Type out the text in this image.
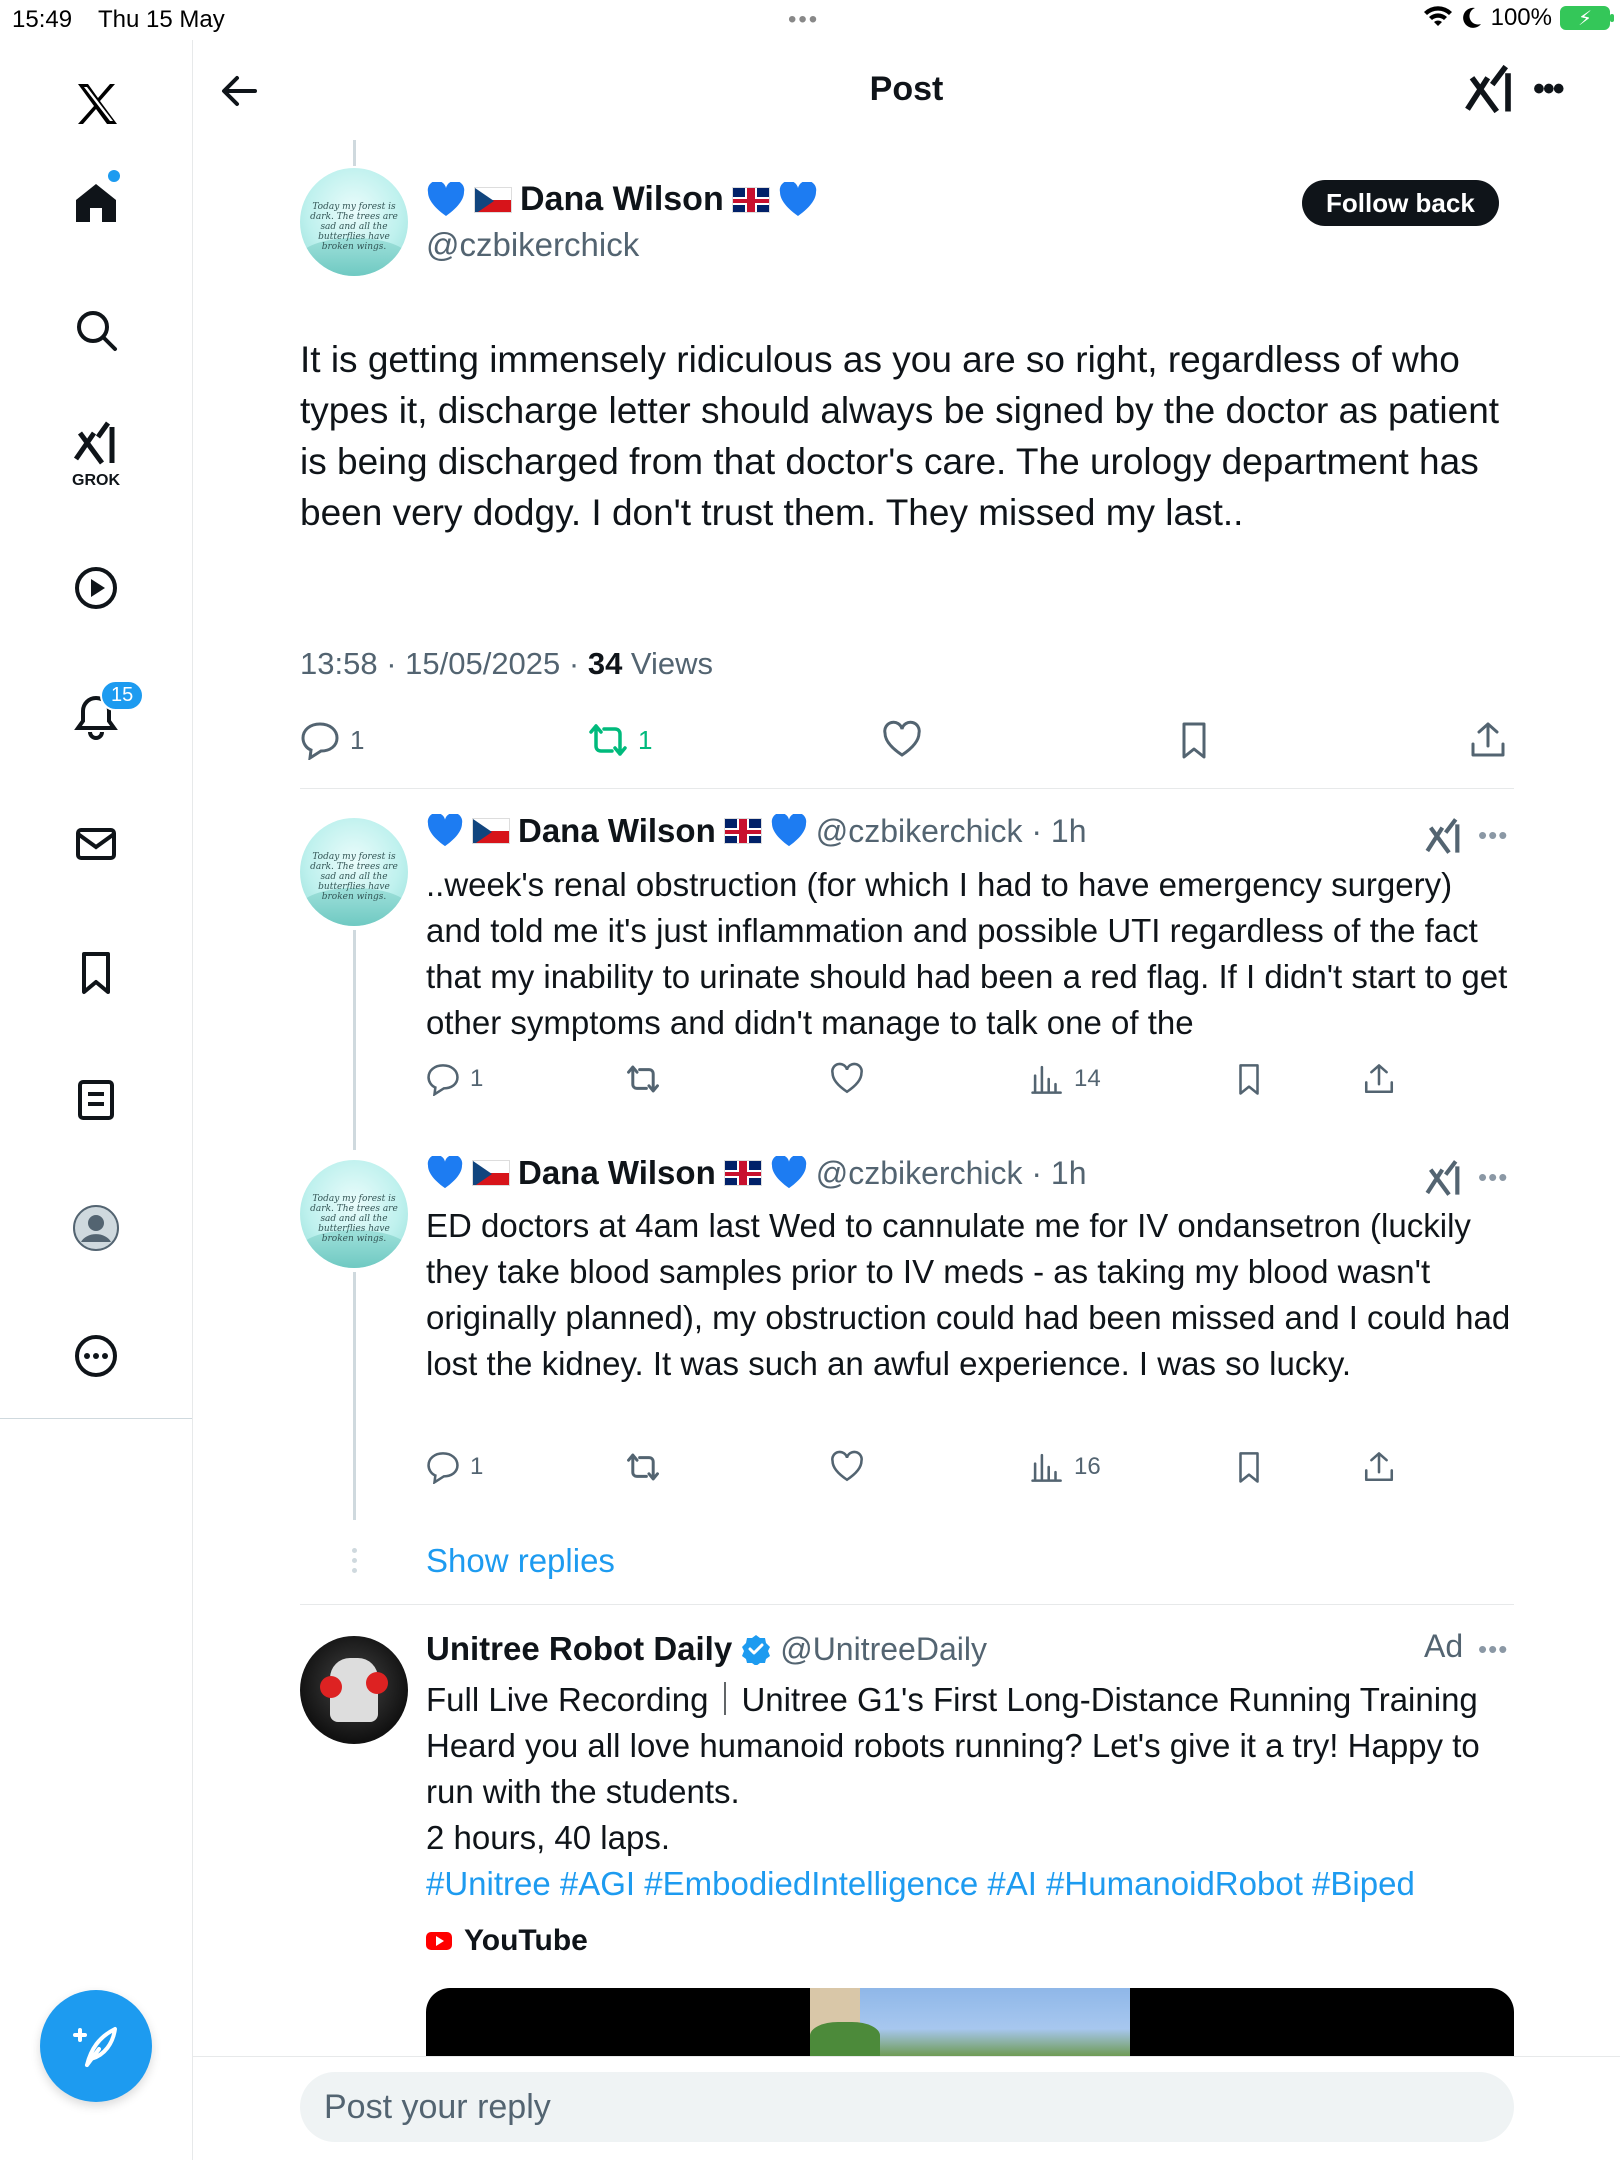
15:49 Thu 15 May	•••	100% ⚡
GROK
15
Post	•••
Today my forest is dark. The trees are sad and all the butterflies have broken wings.
Dana Wilson
@czbikerchick
Follow back
It is getting immensely ridiculous as you are so right, regardless of who types it, discharge letter should always be signed by the doctor as patient is being discharged from that doctor's care. The urology department has been very dodgy. I don't trust them. They missed my last..
13:58 · 15/05/2025 · 34 Views
1	1
Today my forest is dark. The trees are sad and all the butterflies have broken wings.
Dana Wilson	@czbikerchick · 1h	•••
..week's renal obstruction (for which I had to have emergency surgery) and told me it's just inflammation and possible UTI regardless of the fact that my inability to urinate should had been a red flag. If I didn't start to get other symptoms and didn't manage to talk one of the
1	14
Today my forest is dark. The trees are sad and all the butterflies have broken wings.
Dana Wilson	@czbikerchick · 1h	•••
ED doctors at 4am last Wed to cannulate me for IV ondansetron (luckily they take blood samples prior to IV meds - as taking my blood wasn't originally planned), my obstruction could had been missed and I could had lost the kidney. It was such an awful experience. I was so lucky.
1	16
Show replies
Unitree Robot Daily @UnitreeDaily	Ad •••
Full Live Recording｜Unitree G1's First Long-Distance Running Training
Heard you all love humanoid robots running? Let's give it a try! Happy to run with the students.
2 hours, 40 laps.
#Unitree #AGI #EmbodiedIntelligence #AI #HumanoidRobot #Biped
YouTube
Post your reply
